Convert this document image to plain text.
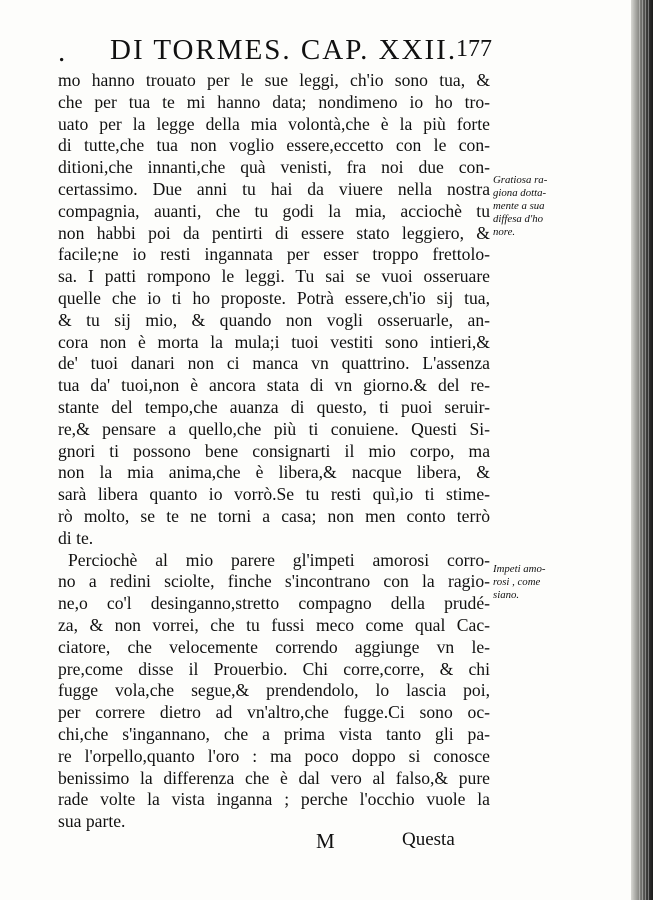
. DI TORMES. CAP. XXII.
177
mo hanno trouato per le sue leggi, ch'io sono tua, &
che per tua te mi hanno data; nondimeno io ho tro-
uato per la legge della mia volontà,che è la più forte
di tutte,che tua non voglio essere,eccetto con le con-
ditioni,che innanti,che quà venisti, fra noi due con-
certassimo. Due anni tu hai da viuere nella nostra
compagnia, auanti, che tu godi la mia, acciochè tu
non habbi poi da pentirti di essere stato leggiero, &
facile;ne io resti ingannata per esser troppo frettolo-
sa. I patti rompono le leggi. Tu sai se vuoi osseruare
quelle che io ti ho proposte. Potrà essere,ch'io sij tua,
& tu sij mio, & quando non vogli osseruarle, an-
cora non è morta la mula;i tuoi vestiti sono intieri,&
de' tuoi danari non ci manca vn quattrino. L'assenza
tua da' tuoi,non è ancora stata di vn giorno.& del re-
stante del tempo,che auanza di questo, ti puoi seruir-
re,& pensare a quello,che più ti conuiene. Questi Si-
gnori ti possono bene consignarti il mio corpo, ma
non la mia anima,che è libera,& nacque libera, &
sarà libera quanto io vorrò.Se tu resti quì,io ti stime-
rò molto, se te ne torni a casa; non men conto terrò
di te.
Perciochè al mio parere gl'impeti amorosi corro-
no a redini sciolte, finche s'incontrano con la ragio-
ne,o co'l desinganno,stretto compagno della prudé-
za, & non vorrei, che tu fussi meco come qual Cac-
ciatore, che velocemente correndo aggiunge vn le-
pre,come disse il Prouerbio. Chi corre,corre, & chi
fugge vola,che segue,& prendendolo, lo lascia poi,
per correre dietro ad vn'altro,che fugge.Ci sono oc-
chi,che s'ingannano, che a prima vista tanto gli pa-
re l'orpello,quanto l'oro : ma poco doppo si conosce
benissimo la differenza che è dal vero al falso,& pure
rade volte la vista inganna ; perche l'occhio vuole la
sua parte.
Gratiosa ra-
giona dotta-
mente a sua
diffesa d'ho
nore.
Impeti amo-
rosi , come
siano.
M	Questa
